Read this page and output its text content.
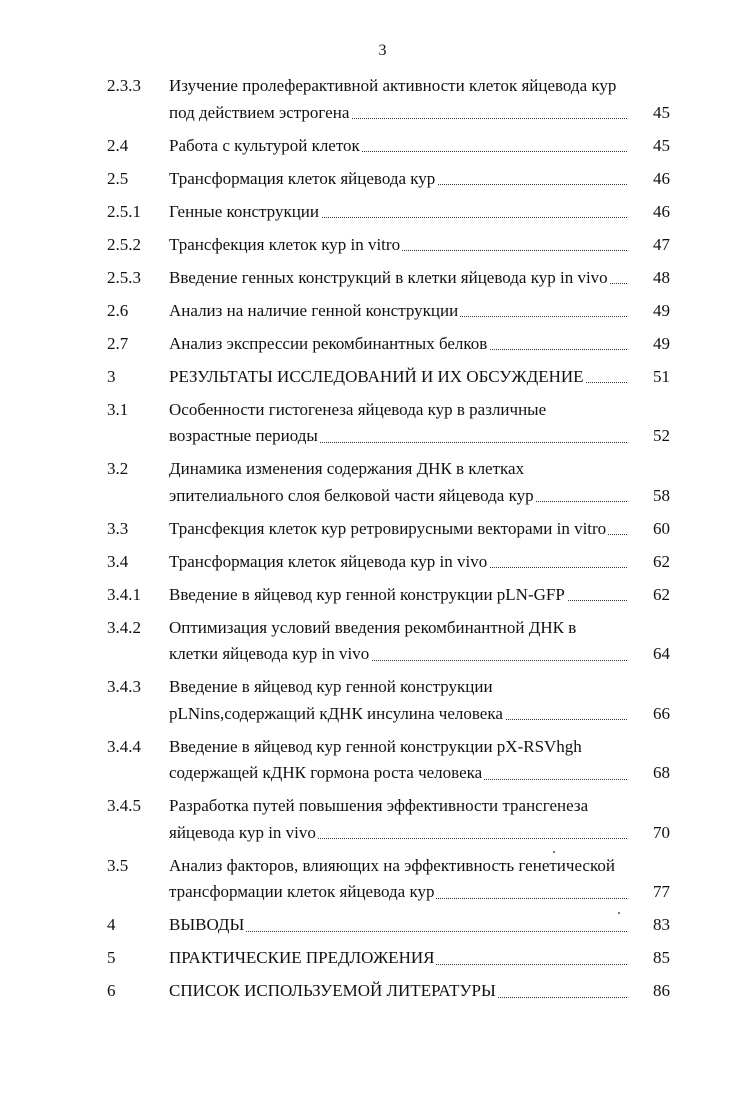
3
2.3.3	Изучение пролеферактивной активности клеток яйцевода кур
под действием эстрогена	45
2.4	Работа с культурой клеток	45
2.5	Трансформация клеток яйцевода кур	46
2.5.1	Генные конструкции	46
2.5.2	Трансфекция клеток кур in vitro	47
2.5.3	Введение генных конструкций в клетки яйцевода кур in vivo	48
2.6	Анализ на наличие генной конструкции	49
2.7	Анализ экспрессии рекомбинантных белков	49
3	РЕЗУЛЬТАТЫ ИССЛЕДОВАНИЙ И ИХ ОБСУЖДЕНИЕ	51
3.1	Особенности гистогенеза яйцевода кур в различные
возрастные периоды	52
3.2	Динамика изменения содержания ДНК в клетках
эпителиального слоя белковой части яйцевода кур	58
3.3	Трансфекция клеток кур ретровирусными векторами in vitro	60
3.4	Трансформация клеток яйцевода кур in vivo	62
3.4.1	Введение в яйцевод кур генной конструкции pLN-GFP	62
3.4.2	Оптимизация условий введения рекомбинантной ДНК в
клетки яйцевода кур in vivo	64
3.4.3	Введение в яйцевод кур генной конструкции
pLNins,содержащий кДНК инсулина человека	66
3.4.4	Введение в яйцевод кур генной конструкции pX-RSVhgh
содержащей кДНК гормона роста человека	68
3.4.5	Разработка путей повышения эффективности трансгенеза
яйцевода кур in vivo	70
3.5	Анализ факторов, влияющих на эффективность генетической
трансформации клеток яйцевода кур	77
4	ВЫВОДЫ	83
5	ПРАКТИЧЕСКИЕ ПРЕДЛОЖЕНИЯ	85
6	СПИСОК ИСПОЛЬЗУЕМОЙ ЛИТЕРАТУРЫ	86
